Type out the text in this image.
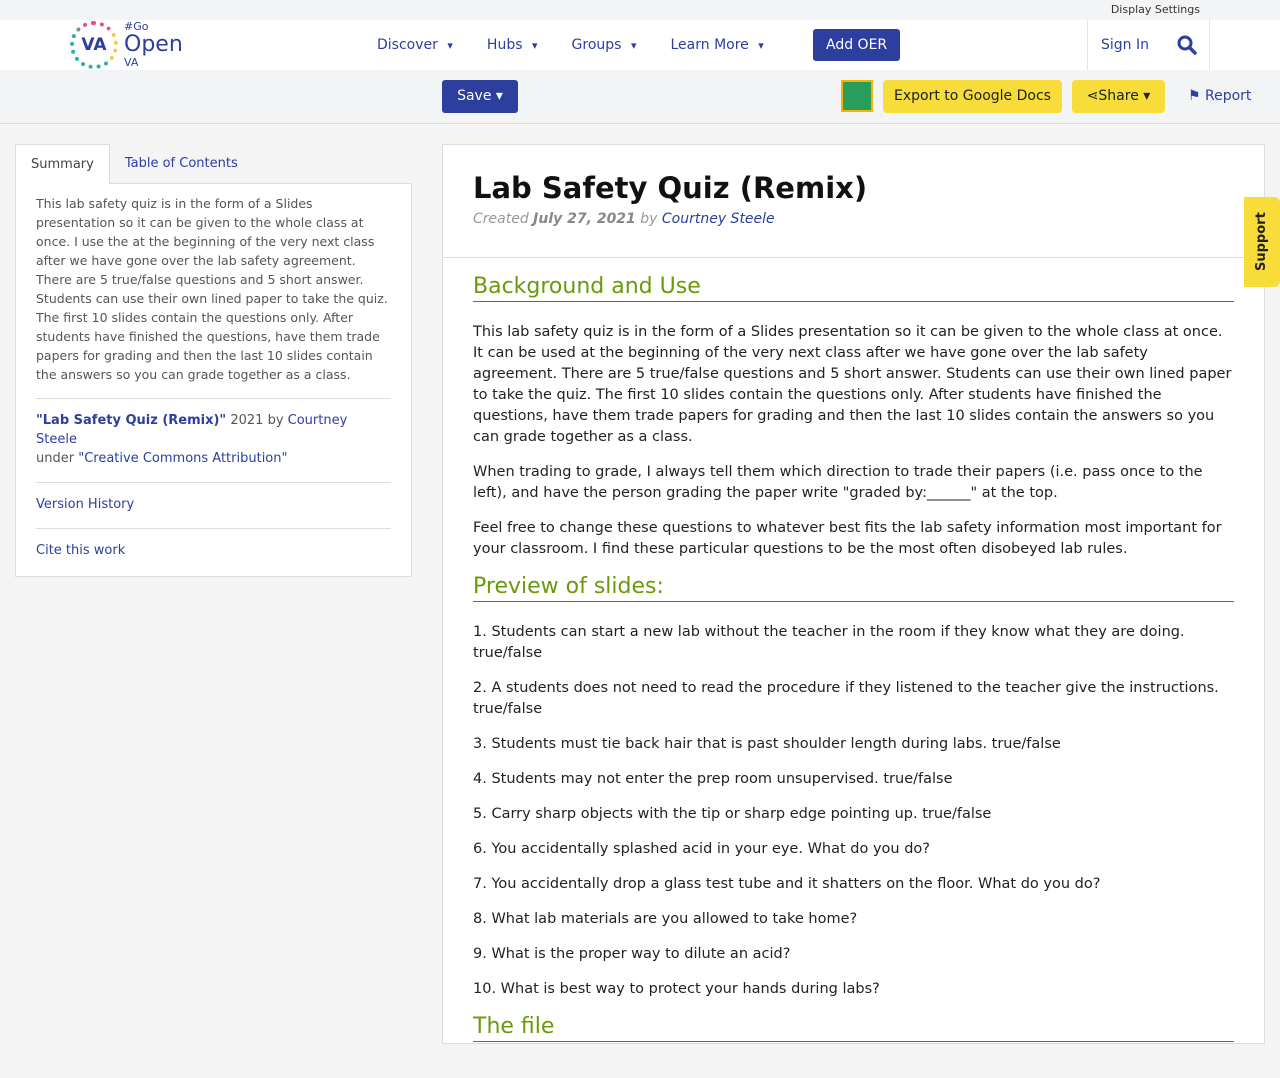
Display Settings
VA
#Go
Open
VA
Discover ▾	Hubs ▾	Groups ▾	Learn More ▾	Add OER	Sign In
Save ▾	Export to Google Docs	⋖Share ▾	⚑ Report
Summary	Table of Contents

This lab safety quiz is in the form of a Slides presentation so it can be given to the whole class at once. I use the at the beginning of the very next class after we have gone over the lab safety agreement. There are 5 true/false questions and 5 short answer. Students can use their own lined paper to take the quiz. The first 10 slides contain the questions only. After students have finished the questions, have them trade papers for grading and then the last 10 slides contain the answers so you can grade together as a class.

"Lab Safety Quiz (Remix)" 2021 by Courtney Steele
under "Creative Commons Attribution"
Version History
Cite this work
Lab Safety Quiz (Remix)
Created July 27, 2021 by Courtney Steele
Background and Use

This lab safety quiz is in the form of a Slides presentation so it can be given to the whole class at once. It can be used at the beginning of the very next class after we have gone over the lab safety agreement. There are 5 true/false questions and 5 short answer. Students can use their own lined paper to take the quiz. The first 10 slides contain the questions only. After students have finished the questions, have them trade papers for grading and then the last 10 slides contain the answers so you can grade together as a class.

When trading to grade, I always tell them which direction to trade their papers (i.e. pass once to the left), and have the person grading the paper write "graded by:______" at the top.

Feel free to change these questions to whatever best fits the lab safety information most important for your classroom. I find these particular questions to be the most often disobeyed lab rules.

Preview of slides:

1. Students can start a new lab without the teacher in the room if they know what they are doing. true/false

2. A students does not need to read the procedure if they listened to the teacher give the instructions. true/false

3. Students must tie back hair that is past shoulder length during labs. true/false

4. Students may not enter the prep room unsupervised. true/false

5. Carry sharp objects with the tip or sharp edge pointing up. true/false

6. You accidentally splashed acid in your eye. What do you do?

7. You accidentally drop a glass test tube and it shatters on the floor. What do you do?

8. What lab materials are you allowed to take home?

9. What is the proper way to dilute an acid?

10. What is best way to protect your hands during labs?

The file
Support
